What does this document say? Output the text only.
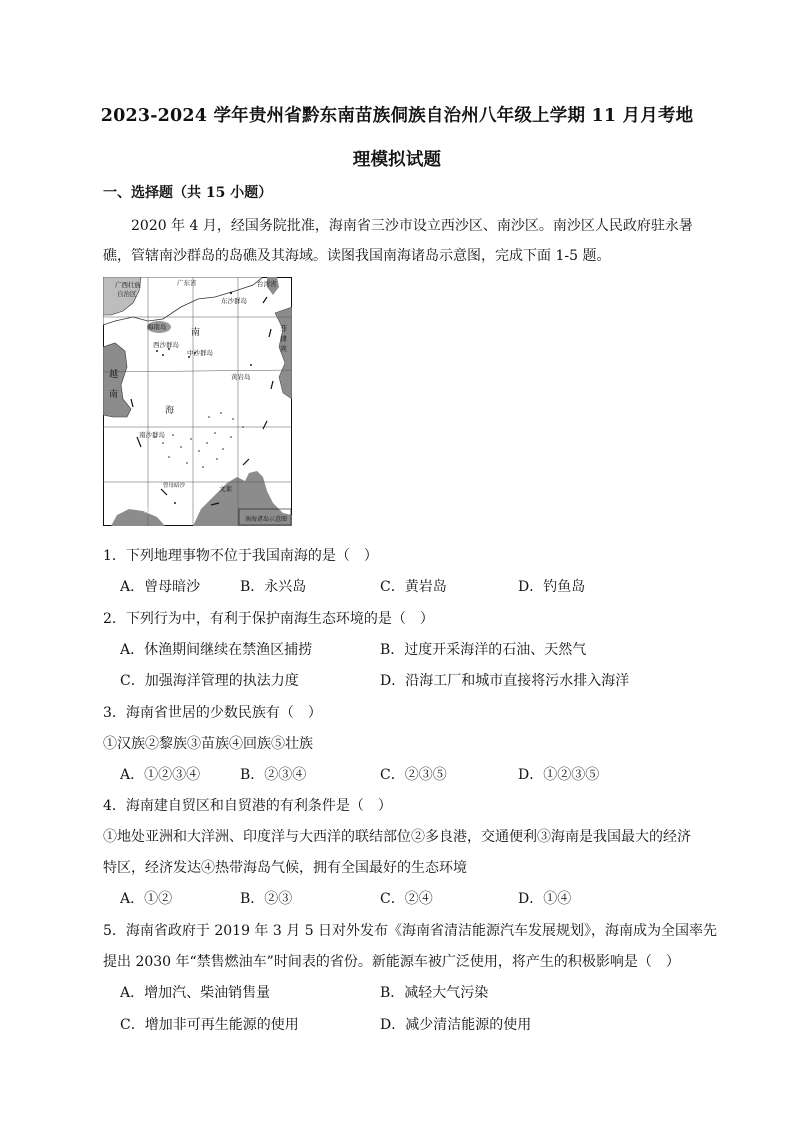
2023-2024 学年贵州省黔东南苗族侗族自治州八年级上学期 11 月月考地
理模拟试题
一、选择题（共 15 小题）

2020 年 4 月，经国务院批准，海南省三沙市设立西沙区、南沙区。南沙区人民政府驻永暑礁，管辖南沙群岛的岛礁及其海域。读图我国南海诸岛示意图，完成下面 1-5 题。

广西壮族
自治区
广东省	台湾省
东沙群岛
海南岛
西沙群岛
中沙群岛
黄岩岛
南沙群岛
文莱
马来西亚
曾母暗沙
南海诸岛示意图
南
海
越
南
菲
律
宾
1．下列地理事物不位于我国南海的是（　）
A．曾母暗沙	B．永兴岛	C．黄岩岛	D．钓鱼岛
2．下列行为中，有利于保护南海生态环境的是（　）
A．休渔期间继续在禁渔区捕捞	B．过度开采海洋的石油、天然气
C．加强海洋管理的执法力度	D．沿海工厂和城市直接将污水排入海洋
3．海南省世居的少数民族有（　）
①汉族②黎族③苗族④回族⑤壮族
A．①②③④	B．②③④	C．②③⑤	D．①②③⑤
4．海南建自贸区和自贸港的有利条件是（　）
①地处亚洲和大洋洲、印度洋与大西洋的联结部位②多良港，交通便利③海南是我国最大的经济
特区，经济发达④热带海岛气候，拥有全国最好的生态环境
A．①②	B．②③	C．②④	D．①④
5．海南省政府于 2019 年 3 月 5 日对外发布《海南省清洁能源汽车发展规划》，海南成为全国率先
提出 2030 年“禁售燃油车”时间表的省份。新能源车被广泛使用，将产生的积极影响是（　）
A．增加汽、柴油销售量	B．减轻大气污染
C．增加非可再生能源的使用	D．减少清洁能源的使用
